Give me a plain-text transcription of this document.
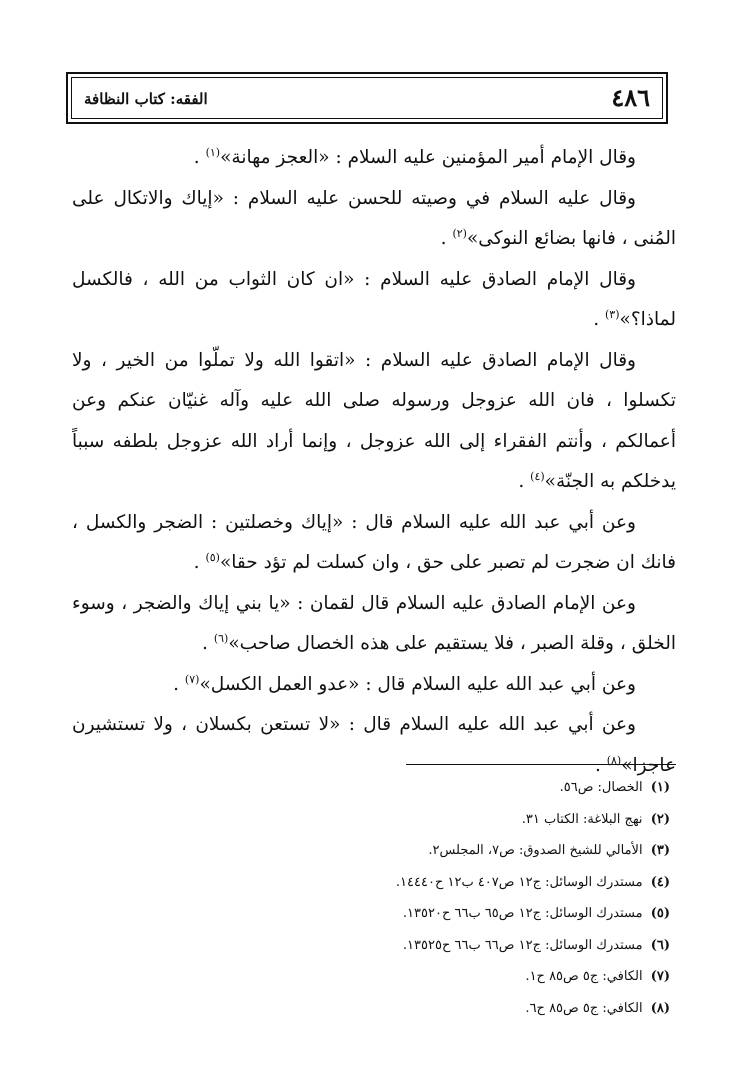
٤٨٦
الفقه: كتاب النظافة

وقال الإمام أمير المؤمنين عليه السلام : «العجز مهانة»$^{(١)}$ .

وقال عليه السلام في وصيته للحسن عليه السلام : «إياك والاتكال على المُنى ، فانها بضائع النوكى»$^{(٢)}$ .

وقال الإمام الصادق عليه السلام : «ان كان الثواب من الله ، فالكسل لماذا؟»$^{(٣)}$ .

وقال الإمام الصادق عليه السلام : «اتقوا الله ولا تملّوا من الخير ، ولا تكسلوا ، فان الله عزوجل ورسوله صلى الله عليه وآله غنيّان عنكم وعن أعمالكم ، وأنتم الفقراء إلى الله عزوجل ، وإنما أراد الله عزوجل بلطفه سبباً يدخلكم به الجنّة»$^{(٤)}$ .

وعن أبي عبد الله عليه السلام قال : «إياك وخصلتين : الضجر والكسل ، فانك ان ضجرت لم تصبر على حق ، وان كسلت لم تؤد حقا»$^{(٥)}$ .

وعن الإمام الصادق عليه السلام قال لقمان : «يا بني إياك والضجر ، وسوء الخلق ، وقلة الصبر ، فلا يستقيم على هذه الخصال صاحب»$^{(٦)}$ .

وعن أبي عبد الله عليه السلام قال : «عدو العمل الكسل»$^{(٧)}$ .

وعن أبي عبد الله عليه السلام قال : «لا تستعن بكسلان ، ولا تستشيرن عاجزا»$^{(٨)}$ .

(١) الخصال: ص٥٦.
(٢) نهج البلاغة: الكتاب ٣١.
(٣) الأمالي للشيخ الصدوق: ص٧، المجلس٢.
(٤) مستدرك الوسائل: ج١٢ ص٤٠٧ ب١٢ ح١٤٤٤٠.
(٥) مستدرك الوسائل: ج١٢ ص٦٥ ب٦٦ ح١٣٥٢٠.
(٦) مستدرك الوسائل: ج١٢ ص٦٦ ب٦٦ ح١٣٥٢٥.
(٧) الكافي: ج٥ ص٨٥ ح١.
(٨) الكافي: ج٥ ص٨٥ ح٦.
